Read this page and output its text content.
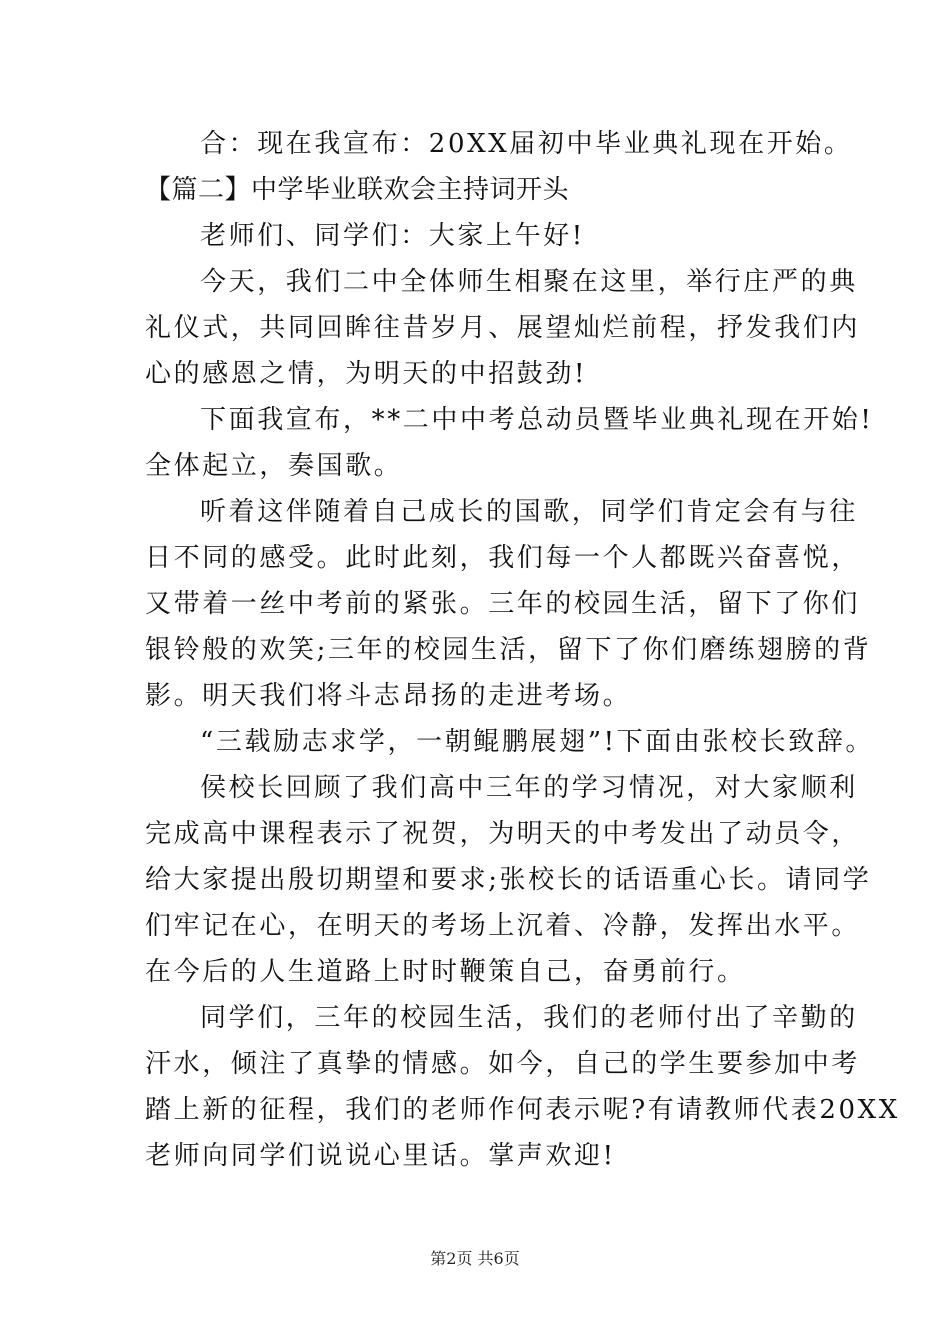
合：现在我宣布：20XX届初中毕业典礼现在开始。
【篇二】中学毕业联欢会主持词开头
老师们、同学们：大家上午好!
今天，我们二中全体师生相聚在这里，举行庄严的典
礼仪式，共同回眸往昔岁月、展望灿烂前程，抒发我们内
心的感恩之情，为明天的中招鼓劲!
下面我宣布，**二中中考总动员暨毕业典礼现在开始!
全体起立，奏国歌。
听着这伴随着自己成长的国歌，同学们肯定会有与往
日不同的感受。此时此刻，我们每一个人都既兴奋喜悦，
又带着一丝中考前的紧张。三年的校园生活，留下了你们
银铃般的欢笑;三年的校园生活，留下了你们磨练翅膀的背
影。明天我们将斗志昂扬的走进考场。
“三载励志求学，一朝鲲鹏展翅”!下面由张校长致辞。
侯校长回顾了我们高中三年的学习情况，对大家顺利
完成高中课程表示了祝贺，为明天的中考发出了动员令，
给大家提出殷切期望和要求;张校长的话语重心长。请同学
们牢记在心，在明天的考场上沉着、冷静，发挥出水平。
在今后的人生道路上时时鞭策自己，奋勇前行。
同学们，三年的校园生活，我们的老师付出了辛勤的
汗水，倾注了真挚的情感。如今，自己的学生要参加中考
踏上新的征程，我们的老师作何表示呢?有请教师代表20XX
老师向同学们说说心里话。掌声欢迎!
第2页 共6页
